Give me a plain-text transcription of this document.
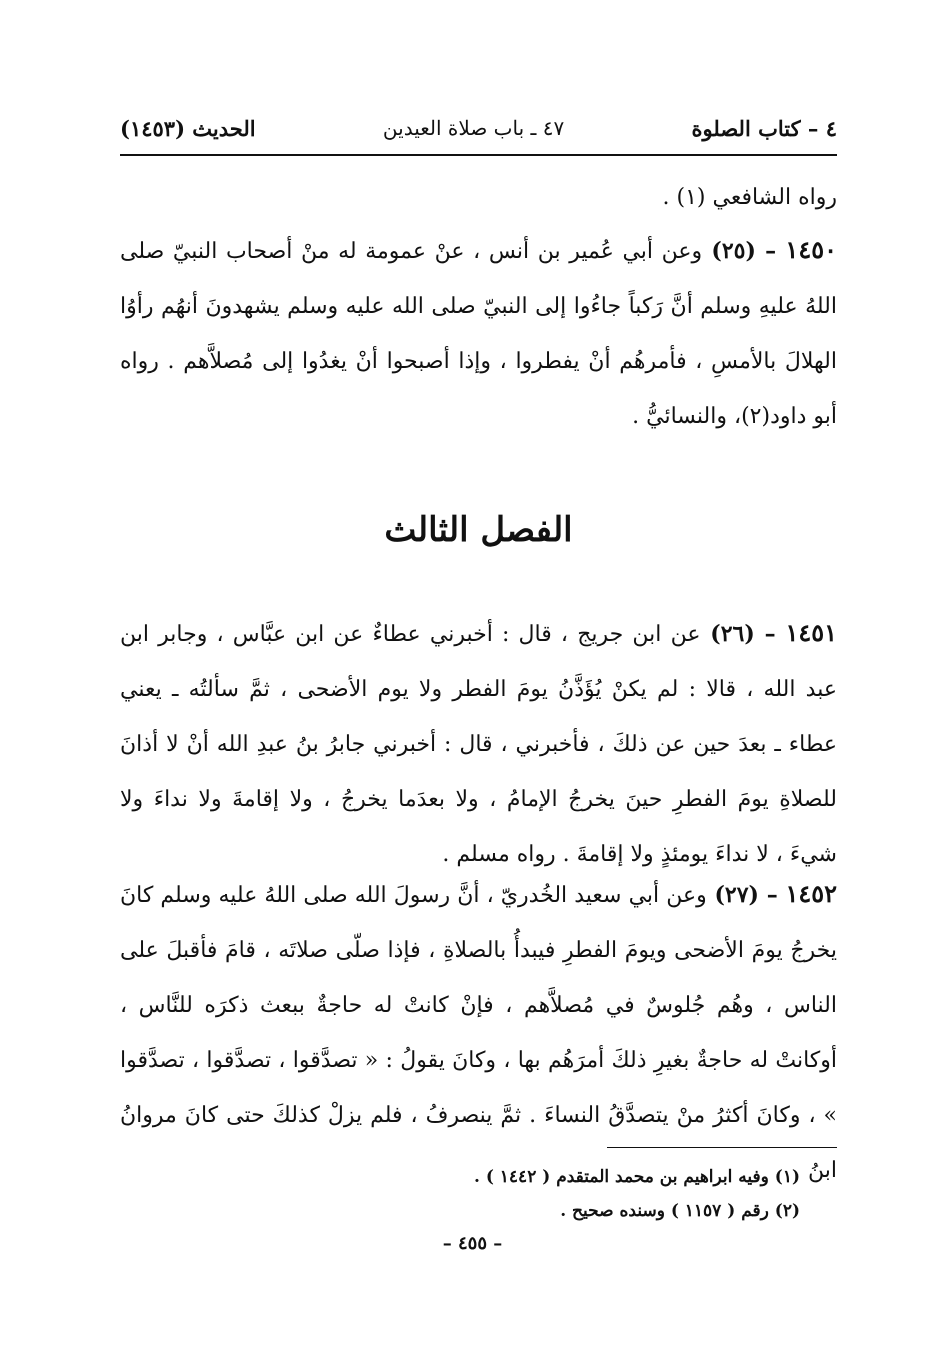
٤ – كتاب الصلوة
٤٧ ـ باب صلاة العيدين
الحديث (١٤٥٣)

رواه الشافعي (١) .

١٤٥٠ – (٢٥) وعن أبي عُمير بن أنس ، عنْ عمومة له منْ أصحاب النبيّ صلى اللهُ عليهِ وسلم أنَّ رَكباً جاءُوا إلى النبيّ صلى الله عليه وسلم يشهدونَ أنهُم رأوُا الهلالَ بالأمسِ ، فأمرهُم أنْ يفطروا ، وإذا أصبحوا أنْ يغدُوا إلى مُصلاَّهم . رواه أبو داود(٢)، والنسائيُّ .

الفصل الثالث

١٤٥١ – (٢٦) عن ابن جريج ، قال : أخبرني عطاءٌ عن ابن عبَّاس ، وجابر ابن عبد الله ، قالا : لم يكنْ يُؤَذَّنُ يومَ الفطر ولا يوم الأضحى ، ثمَّ سألتُه ـ يعني عطاء ـ بعدَ حين عن ذلكَ ، فأخبرني ، قال : أخبرني جابرُ بنُ عبدِ الله أنْ لا أذانَ للصلاةِ يومَ الفطرِ حينَ يخرجُ الإمامُ ، ولا بعدَما يخرجُ ، ولا إقامةَ ولا نداءَ ولا شيءَ ، لا نداءَ يومئذٍ ولا إقامةَ . رواه مسلم .

١٤٥٢ – (٢٧) وعن أبي سعيد الخُدريّ ، أنَّ رسولَ الله صلى اللهُ عليه وسلم كانَ يخرجُ يومَ الأضحى ويومَ الفطرِ فيبدأُ بالصلاةِ ، فإذا صلّى صلاتَه ، قامَ فأقبلَ على الناس ، وهُم جُلوسٌ في مُصلاَّهم ، فإنْ كانتْ له حاجةٌ ببعث ذكرَه للنَّاس ، أوكانتْ له حاجةٌ بغيرِ ذلكَ أمرَهُم بها ، وكانَ يقولُ : « تصدَّقوا ، تصدَّقوا ، تصدَّقوا » ، وكانَ أكثرُ منْ يتصدَّقُ النساءَ . ثمَّ ينصرفُ ، فلم يزلْ كذلكَ حتى كانَ مروانُ ابنُ

(١) وفيه ابراهيم بن محمد المتقدم ( ١٤٤٢ ) .
(٢) رقم ( ١١٥٧ ) وسنده صحيح .
– ٤٥٥ –
